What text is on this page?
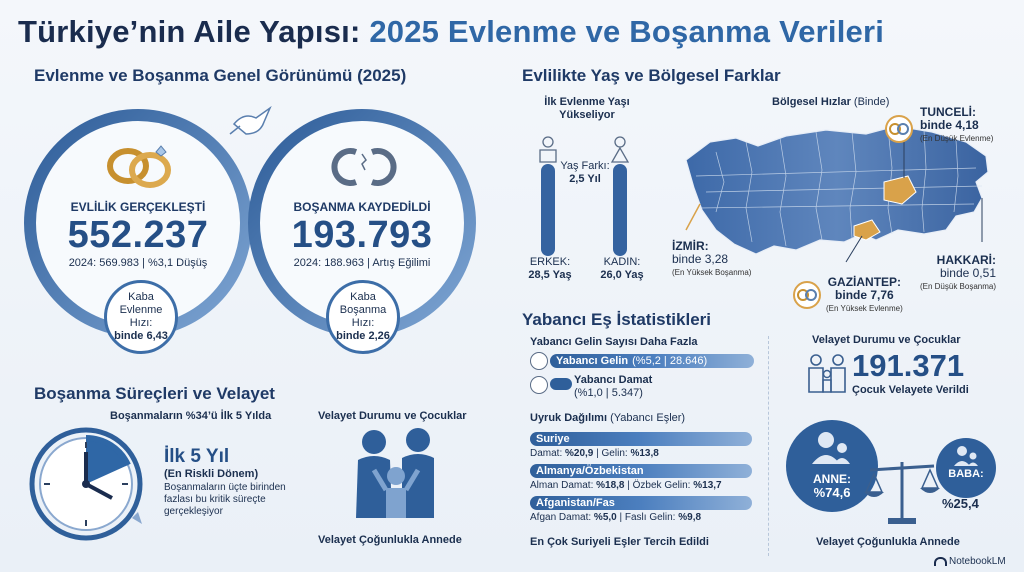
Türkiye’nin Aile Yapısı: 2025 Evlenme ve Boşanma Verileri
Evlenme ve Boşanma Genel Görünümü (2025)
EVLİLİK GERÇEKLEŞTİ
552.237
2024: 569.983 | %3,1 Düşüş
BOŞANMA KAYDEDİLDİ
193.793
2024: 188.963 | Artış Eğilimi
Kaba Evlenme Hızı:
binde 6,43
Kaba Boşanma Hızı:
binde 2,26
Boşanma Süreçleri ve Velayet
Boşanmaların %34’ü İlk 5 Yılda
İlk 5 Yıl
(En Riskli Dönem)
Boşanmaların üçte birinden fazlası bu kritik süreçte gerçekleşiyor
Velayet Durumu ve Çocuklar
Velayet Çoğunlukla Annede
Evlilikte Yaş ve Bölgesel Farklar
İlk Evlenme Yaşı Yükseliyor
Yaş Farkı:
2,5 Yıl
ERKEK:
28,5 Yaş
KADIN:
26,0 Yaş
Bölgesel Hızlar (Binde)
TUNCELİ:
binde 4,18
(En Düşük Evlenme)
İZMİR:
binde 3,28
(En Yüksek Boşanma)
GAZİANTEP:
binde 7,76
(En Yüksek Evlenme)
HAKKARİ:
binde 0,51
(En Düşük Boşanma)
Yabancı Eş İstatistikleri
Yabancı Gelin Sayısı Daha Fazla
Yabancı Gelin (%5,2 | 28.646)
Yabancı Damat
(%1,0 | 5.347)
Uyruk Dağılımı (Yabancı Eşler)
Suriye
Damat: %20,9 | Gelin: %13,8
Almanya/Özbekistan
Alman Damat: %18,8 | Özbek Gelin: %13,7
Afganistan/Fas
Afgan Damat: %5,0 | Faslı Gelin: %9,8
En Çok Suriyeli Eşler Tercih Edildi
Velayet Durumu ve Çocuklar
191.371
Çocuk Velayete Verildi
ANNE:
%74,6
BABA:
%25,4
Velayet Çoğunlukla Annede
NotebookLM
